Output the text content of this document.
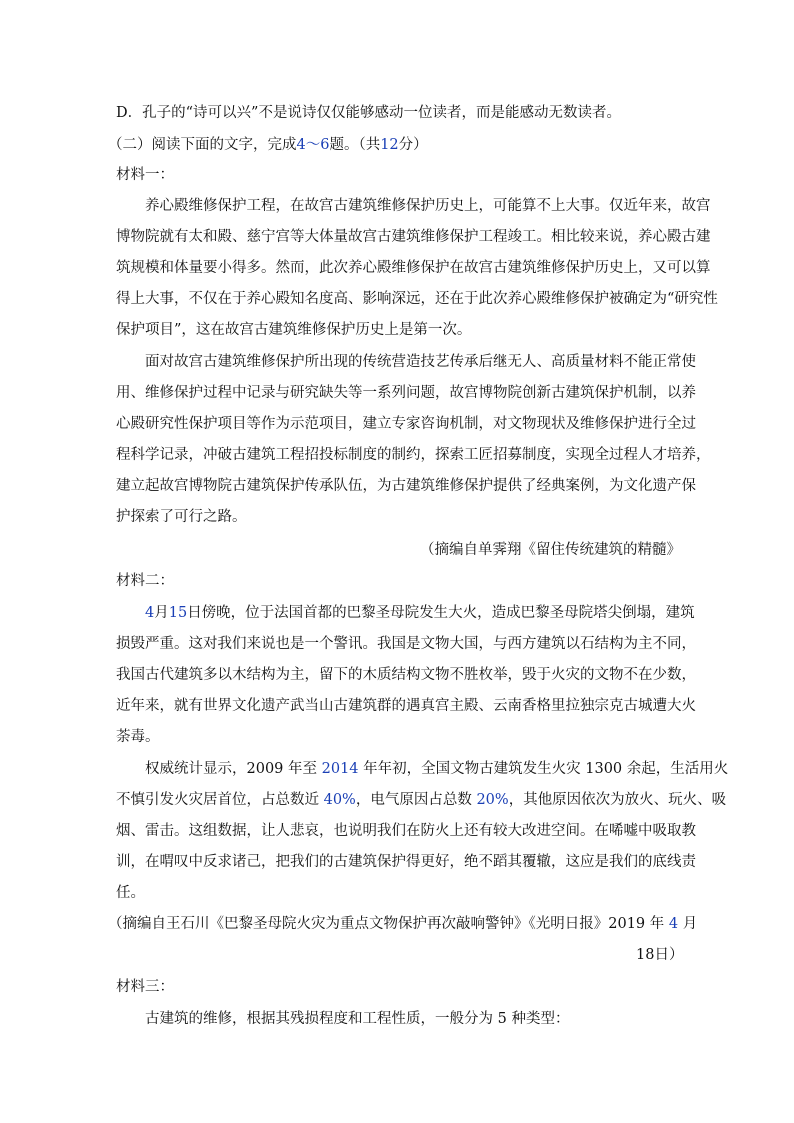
D．孔子的“诗可以兴”不是说诗仅仅能够感动一位读者，而是能感动无数读者。
（二）阅读下面的文字，完成4～6题。（共12分）
材料一：
养心殿维修保护工程，在故宫古建筑维修保护历史上，可能算不上大事。仅近年来，故宫
博物院就有太和殿、慈宁宫等大体量故宫古建筑维修保护工程竣工。相比较来说，养心殿古建
筑规模和体量要小得多。然而，此次养心殿维修保护在故宫古建筑维修保护历史上，又可以算
得上大事，不仅在于养心殿知名度高、影响深远，还在于此次养心殿维修保护被确定为“研究性
保护项目”，这在故宫古建筑维修保护历史上是第一次。
面对故宫古建筑维修保护所出现的传统营造技艺传承后继无人、高质量材料不能正常使
用、维修保护过程中记录与研究缺失等一系列问题，故宫博物院创新古建筑保护机制，以养
心殿研究性保护项目等作为示范项目，建立专家咨询机制，对文物现状及维修保护进行全过
程科学记录，冲破古建筑工程招投标制度的制约，探索工匠招募制度，实现全过程人才培养，
建立起故宫博物院古建筑保护传承队伍，为古建筑维修保护提供了经典案例，为文化遗产保
护探索了可行之路。
（摘编自单霁翔《留住传统建筑的精髓》
材料二：
4月15日傍晚，位于法国首都的巴黎圣母院发生大火，造成巴黎圣母院塔尖倒塌，建筑
损毁严重。这对我们来说也是一个警讯。我国是文物大国，与西方建筑以石结构为主不同，
我国古代建筑多以木结构为主，留下的木质结构文物不胜枚举，毁于火灾的文物不在少数，
近年来，就有世界文化遗产武当山古建筑群的遇真宫主殿、云南香格里拉独宗克古城遭大火
荼毒。
权威统计显示，2009 年至 2014 年年初，全国文物古建筑发生火灾 1300 余起，生活用火
不慎引发火灾居首位，占总数近 40%，电气原因占总数 20%，其他原因依次为放火、玩火、吸
烟、雷击。这组数据，让人悲哀，也说明我们在防火上还有较大改进空间。在唏嘘中吸取教
训，在喟叹中反求诸己，把我们的古建筑保护得更好，绝不蹈其覆辙，这应是我们的底线责
任。
（摘编自王石川《巴黎圣母院火灾为重点文物保护再次敲响警钟》《光明日报》2019 年 4 月
18日）
材料三：
古建筑的维修，根据其残损程度和工程性质，一般分为 5 种类型：
